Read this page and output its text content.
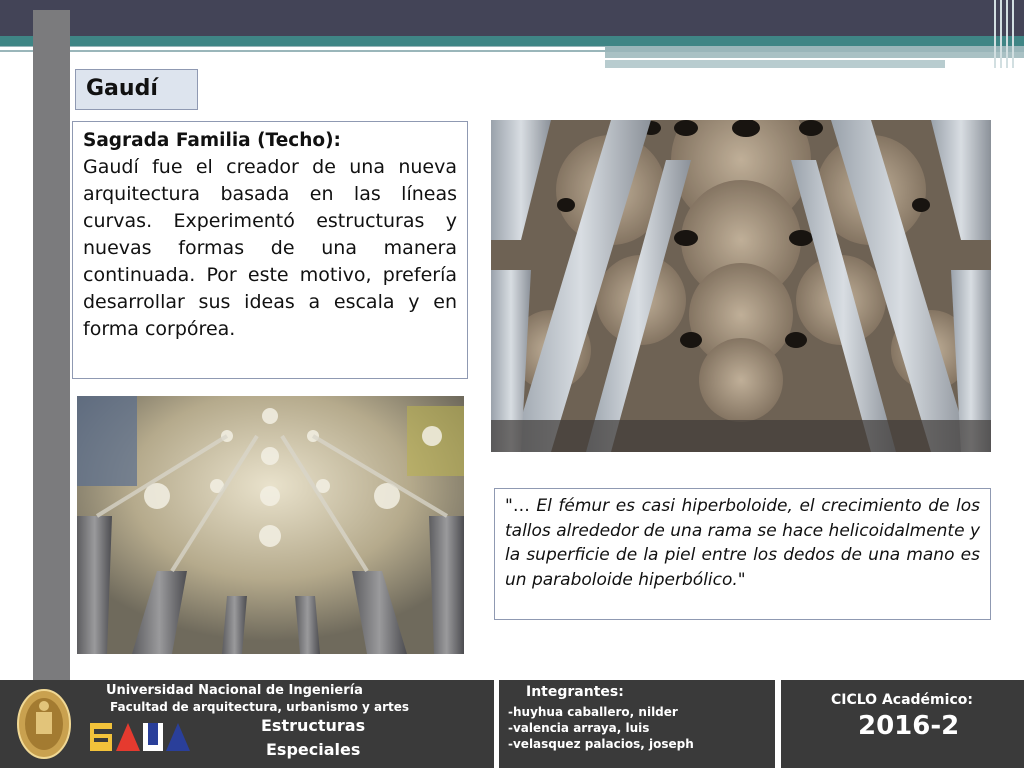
Gaudí
Sagrada Familia (Techo):
Gaudí fue el creador de una nueva arquitectura basada en las líneas curvas. Experimentó estructuras y nuevas formas de una manera continuada. Por este motivo, prefería desarrollar sus ideas a escala y en forma corpórea.
"… El fémur es casi hiperboloide, el crecimiento de los tallos alrededor de una rama se hace helicoidalmente y la superficie de la piel entre los dedos de una mano es un paraboloide hiperbólico."
Universidad Nacional de Ingeniería
Facultad de arquitectura, urbanismo y artes
Estructuras
Especiales
FAUA
Integrantes:
-huyhua caballero, nilder
-valencia arraya, luis
-velasquez palacios, joseph
CICLO Académico:
2016-2
